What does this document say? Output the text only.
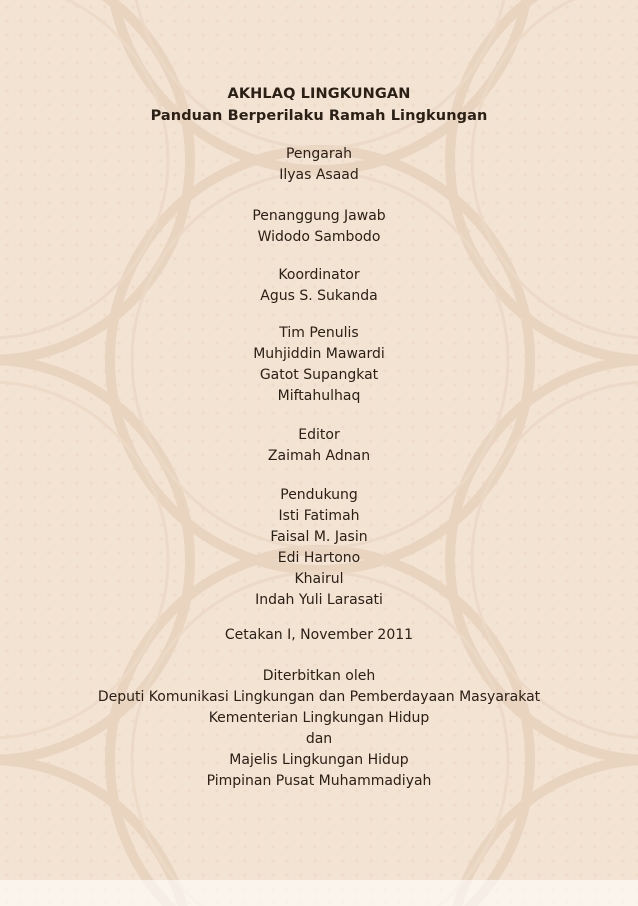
AKHLAQ LINGKUNGAN
Panduan Berperilaku Ramah Lingkungan
Pengarah
Ilyas Asaad
Penanggung Jawab
Widodo Sambodo
Koordinator
Agus S. Sukanda
Tim Penulis
Muhjiddin Mawardi
Gatot Supangkat
Miftahulhaq
Editor
Zaimah Adnan
Pendukung
Isti Fatimah
Faisal M. Jasin
Edi Hartono
Khairul
Indah Yuli Larasati
Cetakan I, November 2011
Diterbitkan oleh
Deputi Komunikasi Lingkungan dan Pemberdayaan Masyarakat
Kementerian Lingkungan Hidup
dan
Majelis Lingkungan Hidup
Pimpinan Pusat Muhammadiyah
